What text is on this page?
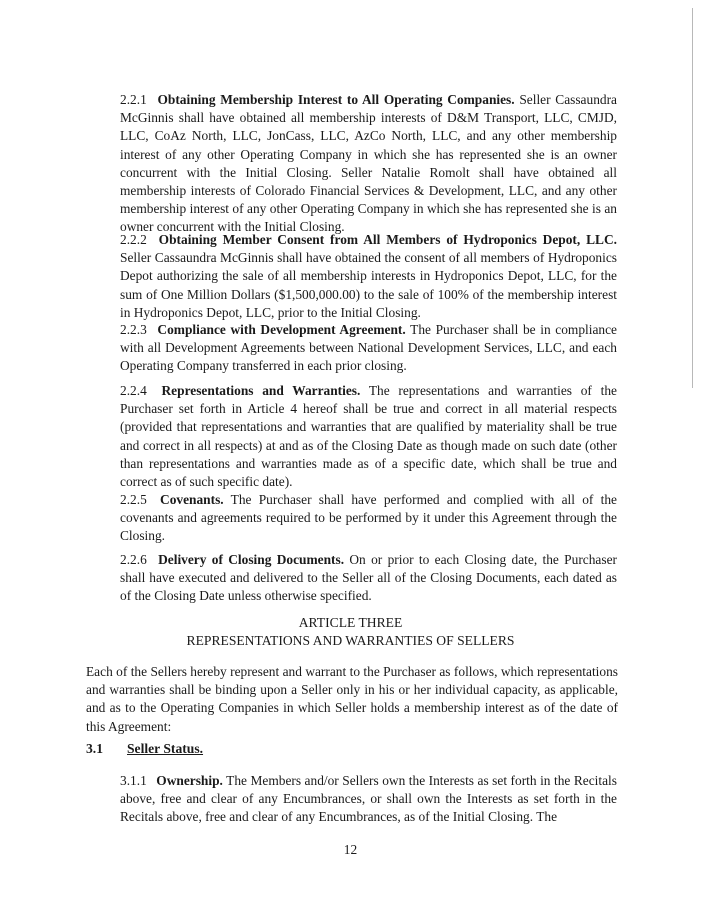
2.2.1 Obtaining Membership Interest to All Operating Companies. Seller Cassaundra McGinnis shall have obtained all membership interests of D&M Transport, LLC, CMJD, LLC, CoAz North, LLC, JonCass, LLC, AzCo North, LLC, and any other membership interest of any other Operating Company in which she has represented she is an owner concurrent with the Initial Closing. Seller Natalie Romolt shall have obtained all membership interests of Colorado Financial Services & Development, LLC, and any other membership interest of any other Operating Company in which she has represented she is an owner concurrent with the Initial Closing.

2.2.2 Obtaining Member Consent from All Members of Hydroponics Depot, LLC. Seller Cassaundra McGinnis shall have obtained the consent of all members of Hydroponics Depot authorizing the sale of all membership interests in Hydroponics Depot, LLC, for the sum of One Million Dollars ($1,500,000.00) to the sale of 100% of the membership interest in Hydroponics Depot, LLC, prior to the Initial Closing.

2.2.3 Compliance with Development Agreement. The Purchaser shall be in compliance with all Development Agreements between National Development Services, LLC, and each Operating Company transferred in each prior closing.

2.2.4 Representations and Warranties. The representations and warranties of the Purchaser set forth in Article 4 hereof shall be true and correct in all material respects (provided that representations and warranties that are qualified by materiality shall be true and correct in all respects) at and as of the Closing Date as though made on such date (other than representations and warranties made as of a specific date, which shall be true and correct as of such specific date).

2.2.5 Covenants. The Purchaser shall have performed and complied with all of the covenants and agreements required to be performed by it under this Agreement through the Closing.

2.2.6 Delivery of Closing Documents. On or prior to each Closing date, the Purchaser shall have executed and delivered to the Seller all of the Closing Documents, each dated as of the Closing Date unless otherwise specified.

ARTICLE THREE

REPRESENTATIONS AND WARRANTIES OF SELLERS

Each of the Sellers hereby represent and warrant to the Purchaser as follows, which representations and warranties shall be binding upon a Seller only in his or her individual capacity, as applicable, and as to the Operating Companies in which Seller holds a membership interest as of the date of this Agreement:

3.1 Seller Status.

3.1.1 Ownership. The Members and/or Sellers own the Interests as set forth in the Recitals above, free and clear of any Encumbrances, or shall own the Interests as set forth in the Recitals above, free and clear of any Encumbrances, as of the Initial Closing. The

12
